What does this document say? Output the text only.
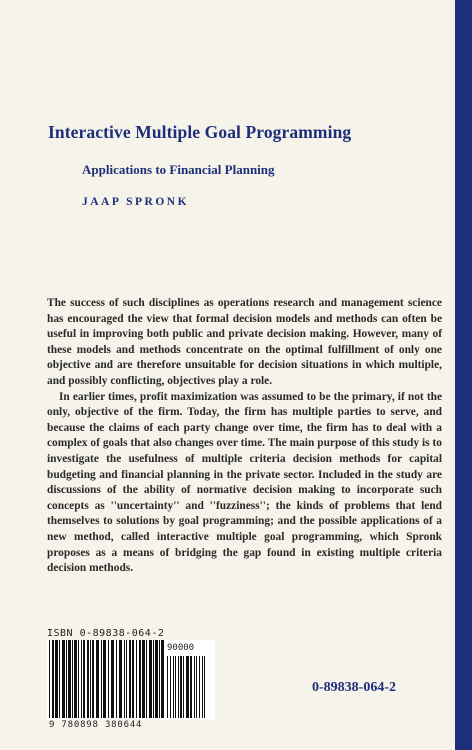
Interactive Multiple Goal Programming
Applications to Financial Planning
JAAP SPRONK

The success of such disciplines as operations research and management science has encouraged the view that formal decision models and methods can often be useful in improving both public and private decision making. However, many of these models and methods concentrate on the optimal fulfillment of only one objective and are therefore unsuitable for decision situations in which multiple, and possibly conflicting, objectives play a role.

In earlier times, profit maximization was assumed to be the primary, if not the only, objective of the firm. Today, the firm has multiple parties to serve, and because the claims of each party change over time, the firm has to deal with a complex of goals that also changes over time. The main purpose of this study is to investigate the usefulness of multiple criteria decision methods for capital budgeting and financial planning in the private sector. Included in the study are discussions of the ability of normative decision making to incorporate such concepts as ''uncertainty'' and ''fuzziness''; the kinds of problems that lend themselves to solutions by goal programming; and the possible applications of a new method, called interactive multiple goal programming, which Spronk proposes as a means of bridging the gap found in existing multiple criteria decision methods.

ISBN 0-89838-064-2
90000
9 780898 380644
0-89838-064-2
